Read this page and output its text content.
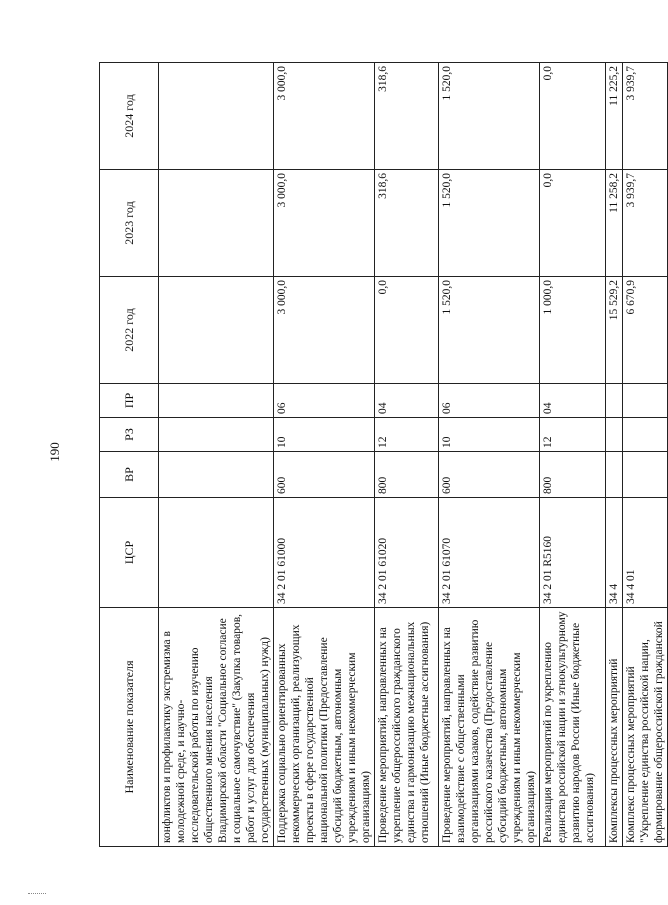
190
Наименование показателя	ЦСР	ВР	РЗ	ПР	2022 год	2023 год	2024 год
конфликтов и профилактику экстремизма в молодежной среде, и научно-исследовательской работы по изучению общественного мнения населения Владимирской области "Социальное согласие и социальное самочувствие" (Закупка товаров, работ и услуг для обеспечения государственных (муниципальных) нужд)							
Поддержка социально ориентированных некоммерческих организаций, реализующих проекты в сфере государственной национальной политики (Предоставление субсидий бюджетным, автономным учреждениям и иным некоммерческим организациям)	34 2 01 61000	600	10	06	3 000,0	3 000,0	3 000,0
Проведение мероприятий, направленных на укрепление общероссийского гражданского единства и гармонизацию межнациональных отношений (Иные бюджетные ассигнования)	34 2 01 61020	800	12	04	0,0	318,6	318,6
Проведение мероприятий, направленных на взаимодействие с общественными организациями казаков, содействие развитию российского казачества (Предоставление субсидий бюджетным, автономным учреждениям и иным некоммерческим организациям)	34 2 01 61070	600	10	06	1 520,0	1 520,0	1 520,0
Реализация мероприятий по укреплению единства российской нации и этнокультурному развитию народов России (Иные бюджетные ассигнования)	34 2 01 R5160	800	12	04	1 000,0	0,0	0,0
Комплексы процессных мероприятий	34 4				15 529,2	11 258,2	11 225,2
Комплекс процессных мероприятий "Укрепление единства российской нации, формирование общероссийской гражданской	34 4 01				6 670,9	3 939,7	3 939,7
